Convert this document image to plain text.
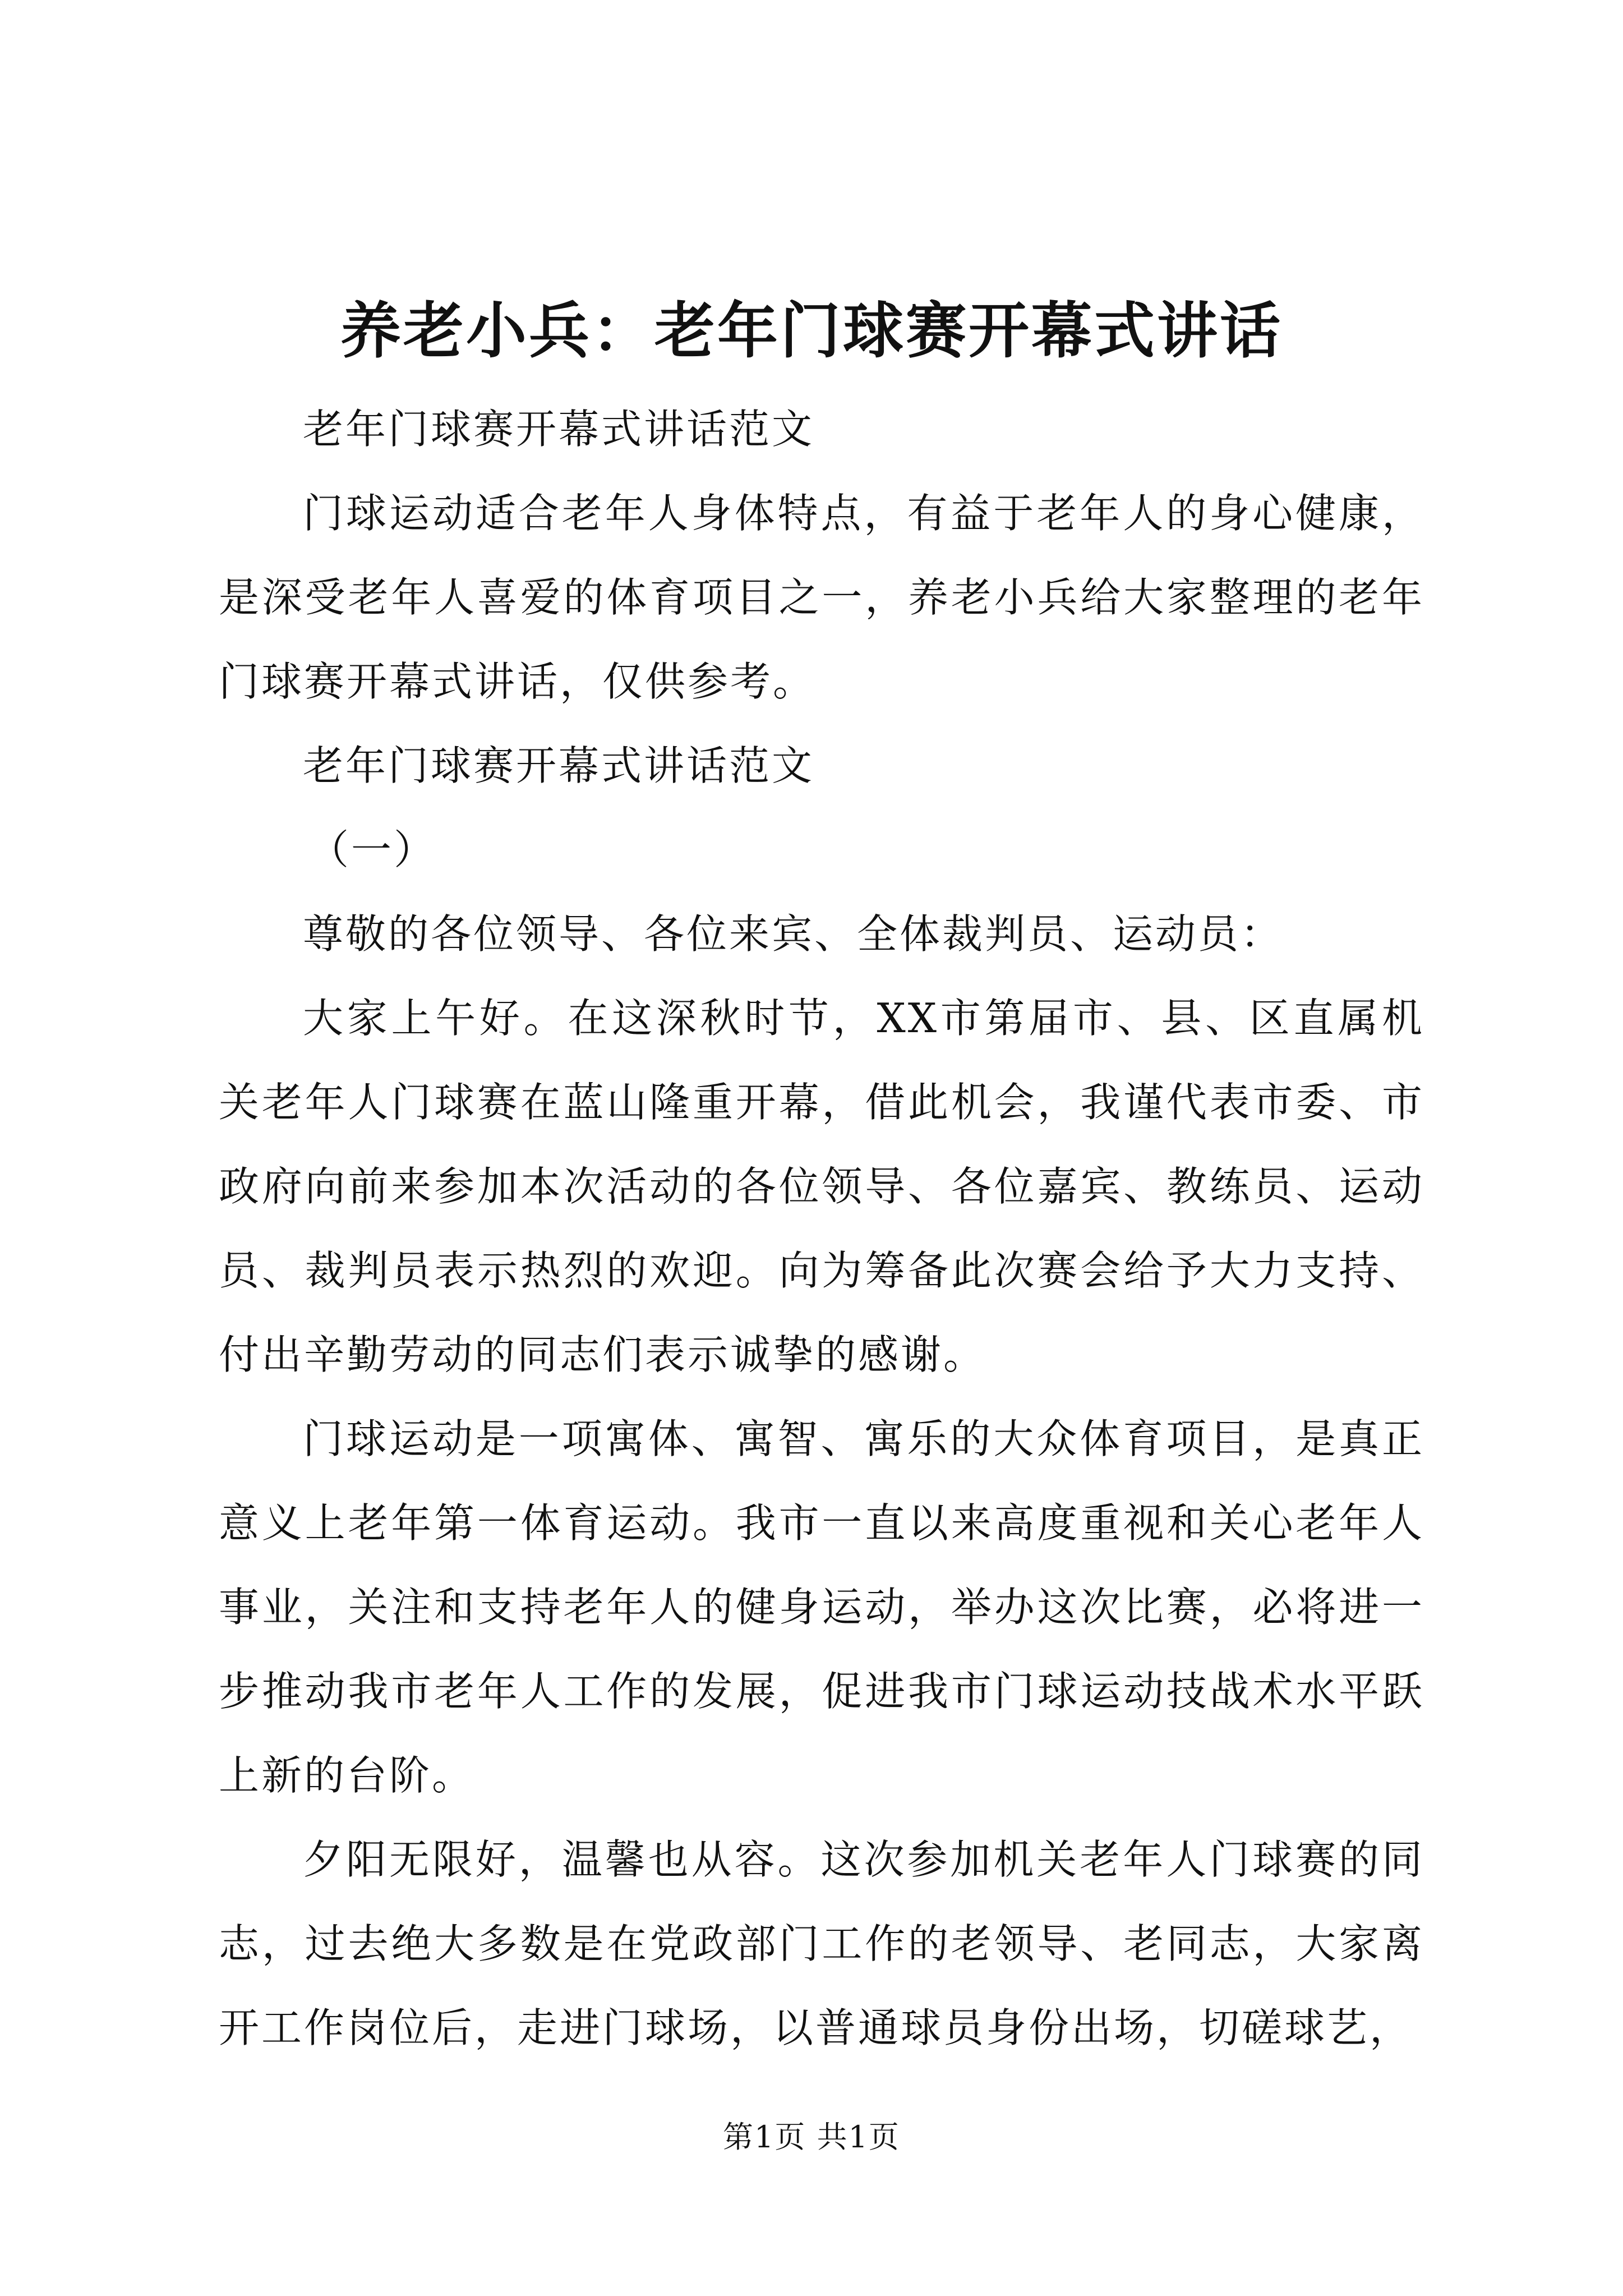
养老小兵：老年门球赛开幕式讲话

老年门球赛开幕式讲话范文

门球运动适合老年人身体特点，有益于老年人的身心健康，是深受老年人喜爱的体育项目之一，养老小兵给大家整理的老年门球赛开幕式讲话，仅供参考。

老年门球赛开幕式讲话范文

（一）

尊敬的各位领导、各位来宾、全体裁判员、运动员：

大家上午好。在这深秋时节，XX市第届市、县、区直属机关老年人门球赛在蓝山隆重开幕，借此机会，我谨代表市委、市政府向前来参加本次活动的各位领导、各位嘉宾、教练员、运动员、裁判员表示热烈的欢迎。向为筹备此次赛会给予大力支持、付出辛勤劳动的同志们表示诚挚的感谢。

门球运动是一项寓体、寓智、寓乐的大众体育项目，是真正意义上老年第一体育运动。我市一直以来高度重视和关心老年人事业，关注和支持老年人的健身运动，举办这次比赛，必将进一步推动我市老年人工作的发展，促进我市门球运动技战术水平跃上新的台阶。

夕阳无限好，温馨也从容。这次参加机关老年人门球赛的同志，过去绝大多数是在党政部门工作的老领导、老同志，大家离开工作岗位后，走进门球场，以普通球员身份出场，切磋球艺，

第1页 共1页
